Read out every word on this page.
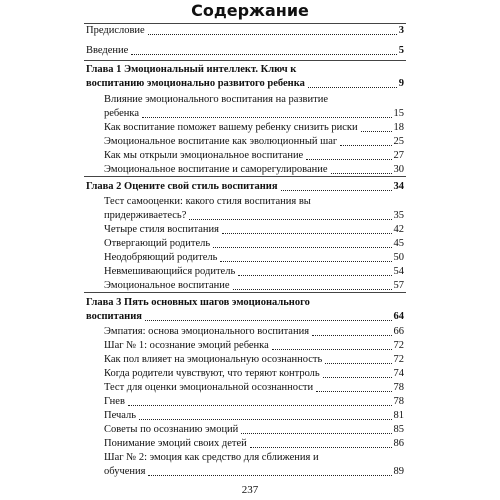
Содержание
Предисловие	3
Введение	5
Глава 1 Эмоциональный интеллект. Ключ к
воспитанию эмоционально развитого ребенка	9
Влияние эмоционального воспитания на развитие
ребенка	15
Как воспитание поможет вашему ребенку снизить риски	18
Эмоциональное воспитание как эволюционный шаг	25
Как мы открыли эмоциональное воспитание	27
Эмоциональное воспитание и саморегулирование	30
Глава 2 Оцените свой стиль воспитания	34
Тест самооценки: какого стиля воспитания вы
придерживаетесь?	35
Четыре стиля воспитания	42
Отвергающий родитель	45
Неодобряющий родитель	50
Невмешивающийся родитель	54
Эмоциональное воспитание	57
Глава 3 Пять основных шагов эмоционального
воспитания	64
Эмпатия: основа эмоционального воспитания	66
Шаг № 1: осознание эмоций ребенка	72
Как пол влияет на эмоциональную осознанность	72
Когда родители чувствуют, что теряют контроль	74
Тест для оценки эмоциональной осознанности	78
Гнев	78
Печаль	81
Советы по осознанию эмоций	85
Понимание эмоций своих детей	86
Шаг № 2: эмоция как средство для сближения и
обучения	89
237
